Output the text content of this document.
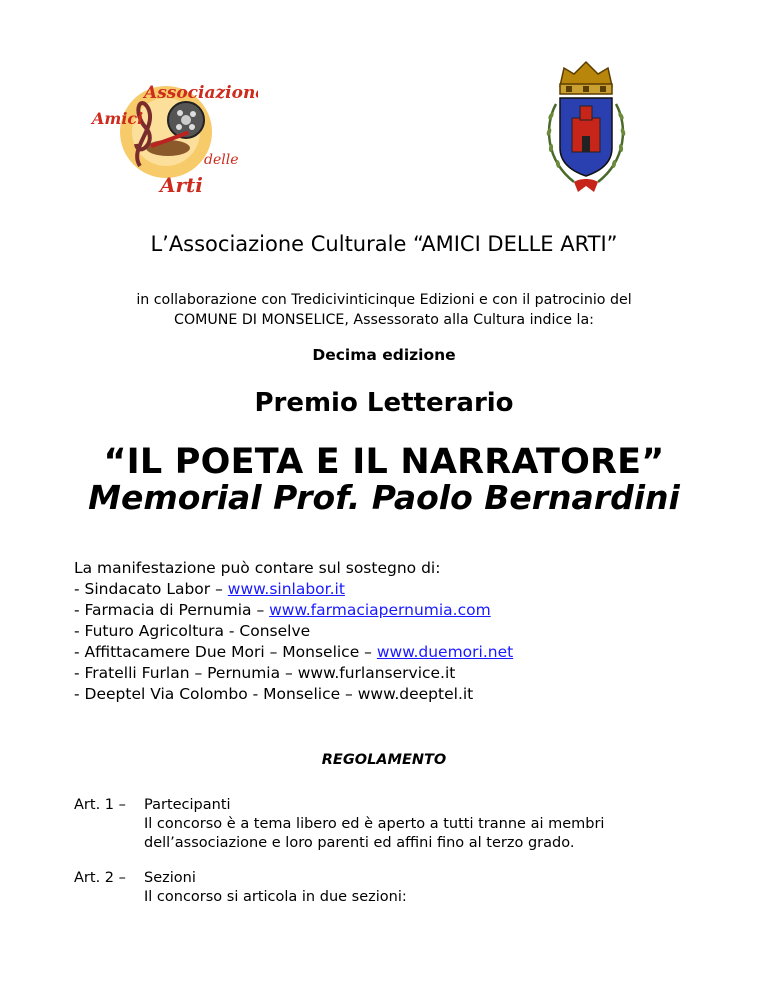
Associazione
Amici
delle
Arti
L’Associazione Culturale “AMICI DELLE ARTI”
in collaborazione con Tredicivinticinque Edizioni e con il patrocinio del
COMUNE DI MONSELICE, Assessorato alla Cultura indice la:
Decima edizione
Premio Letterario
“IL POETA E IL NARRATORE”
Memorial Prof. Paolo Bernardini
La manifestazione può contare sul sostegno di:
- Sindacato Labor – www.sinlabor.it
- Farmacia di Pernumia – www.farmaciapernumia.com
- Futuro Agricoltura - Conselve
- Affittacamere Due Mori – Monselice – www.duemori.net
- Fratelli Furlan – Pernumia – www.furlanservice.it
- Deeptel Via Colombo - Monselice – www.deeptel.it
REGOLAMENTO
Art. 1 –	Partecipanti
Il concorso è a tema libero ed è aperto a tutti tranne ai membri
dell’associazione e loro parenti ed affini fino al terzo grado.
Art. 2 –	Sezioni
Il concorso si articola in due sezioni:
